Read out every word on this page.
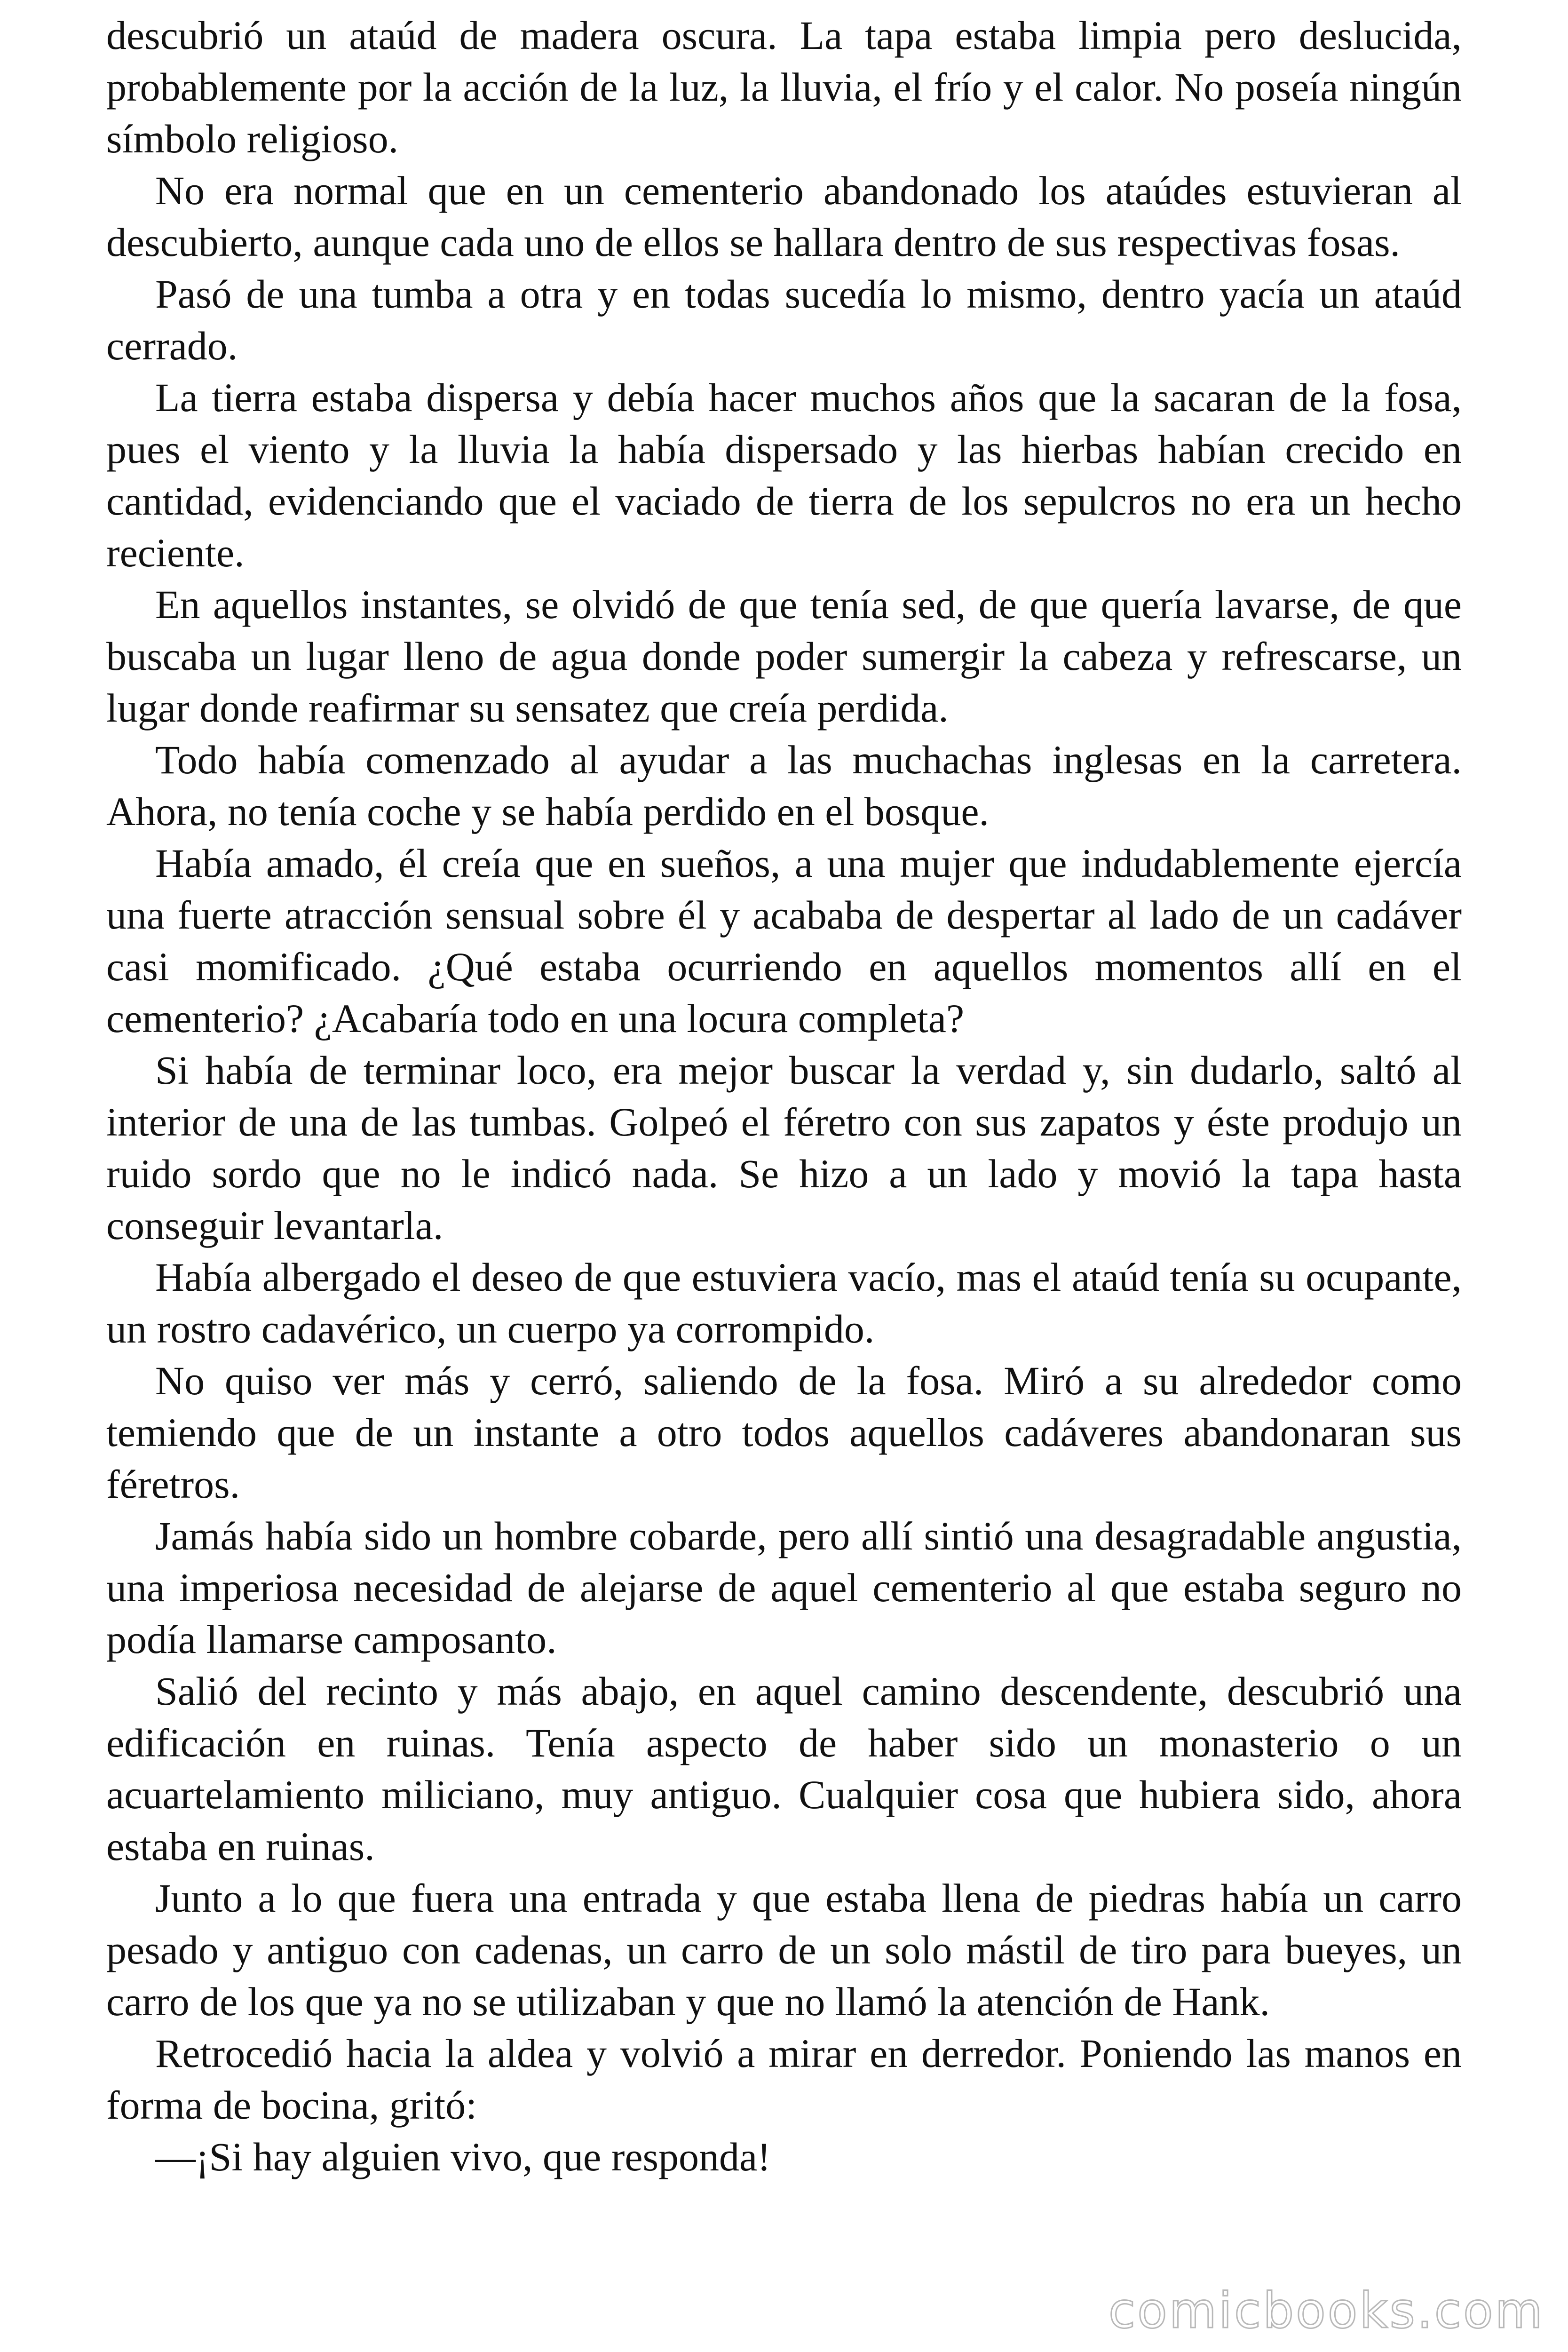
descubrió un ataúd de madera oscura. La tapa estaba limpia pero deslucida, probablemente por la acción de la luz, la lluvia, el frío y el calor. No poseía ningún símbolo religioso.

No era normal que en un cementerio abandonado los ataúdes estuvieran al descubierto, aunque cada uno de ellos se hallara dentro de sus respectivas fosas.

Pasó de una tumba a otra y en todas sucedía lo mismo, dentro yacía un ataúd cerrado.

La tierra estaba dispersa y debía hacer muchos años que la sacaran de la fosa, pues el viento y la lluvia la había dispersado y las hierbas habían crecido en cantidad, evidenciando que el vaciado de tierra de los sepulcros no era un hecho reciente.

En aquellos instantes, se olvidó de que tenía sed, de que quería lavarse, de que buscaba un lugar lleno de agua donde poder sumergir la cabeza y refrescarse, un lugar donde reafirmar su sensatez que creía perdida.

Todo había comenzado al ayudar a las muchachas inglesas en la carretera. Ahora, no tenía coche y se había perdido en el bosque.

Había amado, él creía que en sueños, a una mujer que indudablemente ejercía una fuerte atracción sensual sobre él y acababa de despertar al lado de un cadáver casi momificado. ¿Qué estaba ocurriendo en aquellos momentos allí en el cementerio? ¿Acabaría todo en una locura completa?

Si había de terminar loco, era mejor buscar la verdad y, sin dudarlo, saltó al interior de una de las tumbas. Golpeó el féretro con sus zapatos y éste produjo un ruido sordo que no le indicó nada. Se hizo a un lado y movió la tapa hasta conseguir levantarla.

Había albergado el deseo de que estuviera vacío, mas el ataúd tenía su ocupante, un rostro cadavérico, un cuerpo ya corrompido.

No quiso ver más y cerró, saliendo de la fosa. Miró a su alrededor como temiendo que de un instante a otro todos aquellos cadáveres abandonaran sus féretros.

Jamás había sido un hombre cobarde, pero allí sintió una desagradable angustia, una imperiosa necesidad de alejarse de aquel cementerio al que estaba seguro no podía llamarse camposanto.

Salió del recinto y más abajo, en aquel camino descendente, descubrió una edificación en ruinas. Tenía aspecto de haber sido un monasterio o un acuartelamiento miliciano, muy antiguo. Cualquier cosa que hubiera sido, ahora estaba en ruinas.

Junto a lo que fuera una entrada y que estaba llena de piedras había un carro pesado y antiguo con cadenas, un carro de un solo mástil de tiro para bueyes, un carro de los que ya no se utilizaban y que no llamó la atención de Hank.

Retrocedió hacia la aldea y volvió a mirar en derredor. Poniendo las manos en forma de bocina, gritó:

—¡Si hay alguien vivo, que responda!

comicbooks.com
